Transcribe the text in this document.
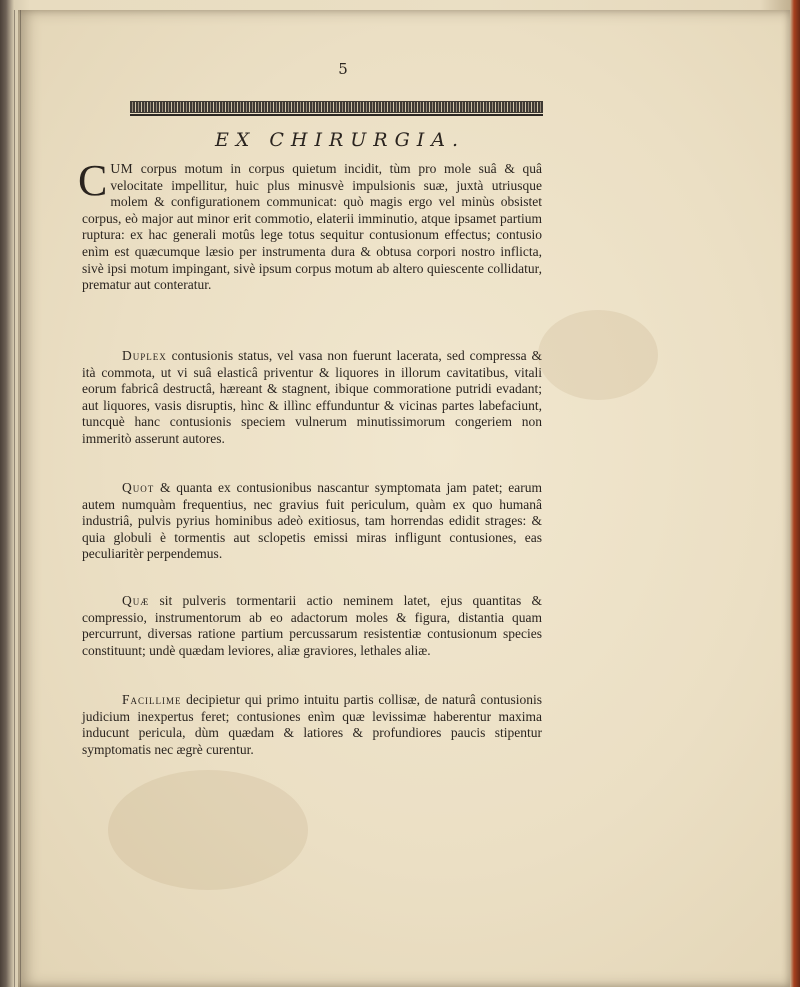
5
EX CHIRURGIA.
CUM corpus motum in corpus quietum incidit, tùm pro mole suâ & quâ velocitate impellitur, huic plus minusvè impulsionis suæ, juxtà utriusque molem & configurationem communicat: quò magis ergo vel minùs obsistet corpus, eò major aut minor erit commotio, elaterii imminutio, atque ipsamet partium ruptura: ex hac generali motûs lege totus sequitur contusionum effectus; contusio enìm est quæcumque læsio per instrumenta dura & obtusa corpori nostro inflicta, sivè ipsi motum impingant, sivè ipsum corpus motum ab altero quiescente collidatur, prematur aut conteratur.
Duplex contusionis status, vel vasa non fuerunt lacerata, sed compressa & ità commota, ut vi suâ elasticâ priventur & liquores in illorum cavitatibus, vitali eorum fabricâ destructâ, hæreant & stagnent, ibique commoratione putridi evadant; aut liquores, vasis disruptis, hìnc & illìnc effunduntur & vicinas partes labefaciunt, tuncquè hanc contusionis speciem vulnerum minutissimorum congeriem non immeritò asserunt autores.
Quot & quanta ex contusionibus nascantur symptomata jam patet; earum autem numquàm frequentius, nec gravius fuit periculum, quàm ex quo humanâ industriâ, pulvis pyrius hominibus adeò exitiosus, tam horrendas edidit strages: & quia globuli è tormentis aut sclopetis emissi miras infligunt contusiones, eas peculiaritèr perpendemus.
Quæ sit pulveris tormentarii actio neminem latet, ejus quantitas & compressio, instrumentorum ab eo adactorum moles & figura, distantia quam percurrunt, diversas ratione partium percussarum resistentiæ contusionum species constituunt; undè quædam leviores, aliæ graviores, lethales aliæ.
Facillime decipietur qui primo intuitu partis collisæ, de naturâ contusionis judicium inexpertus feret; contusiones enìm quæ levissimæ haberentur maxima inducunt pericula, dùm quædam & latiores & profundiores paucis stipentur symptomatis nec ægrè curentur.
